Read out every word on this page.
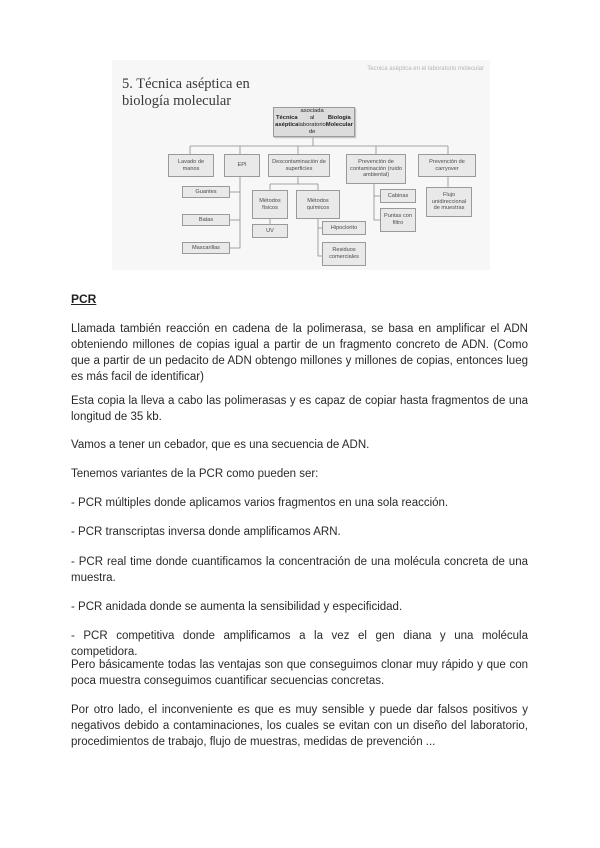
Tecnica aséptica en el laboratorio molecular
5. Técnica aséptica en
biología molecular
Técnica aséptica
asociada al laboratorio de
Biología Molecular
Lavado de manos
EPI
Descontaminación de superficies
Prevención de contaminación (ruido ambiental)
Prevención de carryover
Guantes
Batas
Mascarillas
Métodos físicos
Métodos químicos
UV	Hipoclorito
Residuos comerciales
Cabinas
Puntas con filtro
Flujo unidireccional de muestras
PCR

Llamada también reacción en cadena de la polimerasa, se basa en amplificar el ADN obteniendo millones de copias igual a partir de un fragmento concreto de ADN. (Como que a partir de un pedacito de ADN obtengo millones y millones de copias, entonces lueg es más facil de identificar)

Esta copia la lleva a cabo las polimerasas y es capaz de copiar hasta fragmentos de una longitud de 35 kb.

Vamos a tener un cebador, que es una secuencia de ADN.

Tenemos variantes de la PCR como pueden ser:

- PCR múltiples donde aplicamos varios fragmentos en una sola reacción.

- PCR transcriptas inversa donde amplificamos ARN.

- PCR real time donde cuantificamos la concentración de una molécula concreta de una muestra.

- PCR anidada donde se aumenta la sensibilidad y especificidad.

- PCR competitiva donde amplificamos a la vez el gen diana y una molécula competidora.

Pero básicamente todas las ventajas son que conseguimos clonar muy rápido y que con poca muestra conseguimos cuantificar secuencias concretas.

Por otro lado, el inconveniente es que es muy sensible y puede dar falsos positivos y negativos debido a contaminaciones, los cuales se evitan con un diseño del laboratorio, procedimientos de trabajo, flujo de muestras, medidas de prevención ...
